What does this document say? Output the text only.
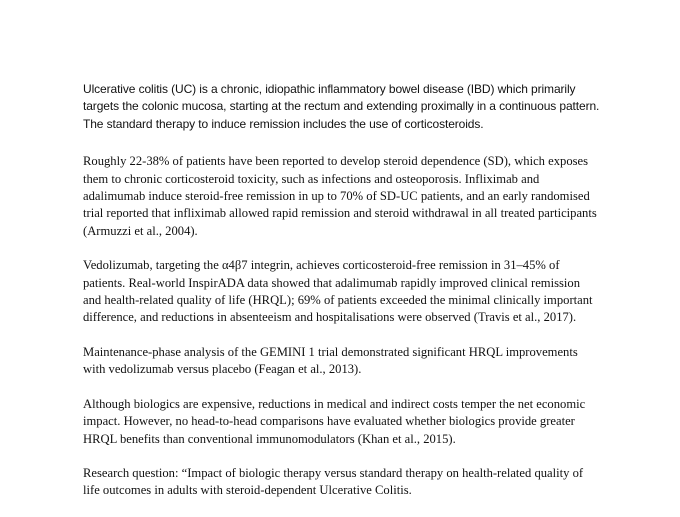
Ulcerative colitis (UC) is a chronic, idiopathic inflammatory bowel disease (IBD) which primarily
targets the colonic mucosa, starting at the rectum and extending proximally in a continuous pattern.
The standard therapy to induce remission includes the use of corticosteroids.

Roughly 22-38% of patients have been reported to develop steroid dependence (SD), which exposes
them to chronic corticosteroid toxicity, such as infections and osteoporosis. Infliximab and
adalimumab induce steroid-free remission in up to 70% of SD-UC patients, and an early randomised
trial reported that infliximab allowed rapid remission and steroid withdrawal in all treated participants
(Armuzzi et al., 2004).

Vedolizumab, targeting the α4β7 integrin, achieves corticosteroid-free remission in 31–45% of
patients. Real-world InspirADA data showed that adalimumab rapidly improved clinical remission
and health-related quality of life (HRQL); 69% of patients exceeded the minimal clinically important
difference, and reductions in absenteeism and hospitalisations were observed (Travis et al., 2017).

Maintenance-phase analysis of the GEMINI 1 trial demonstrated significant HRQL improvements
with vedolizumab versus placebo (Feagan et al., 2013).

Although biologics are expensive, reductions in medical and indirect costs temper the net economic
impact. However, no head-to-head comparisons have evaluated whether biologics provide greater
HRQL benefits than conventional immunomodulators (Khan et al., 2015).

Research question: “Impact of biologic therapy versus standard therapy on health-related quality of
life outcomes in adults with steroid-dependent Ulcerative Colitis.
